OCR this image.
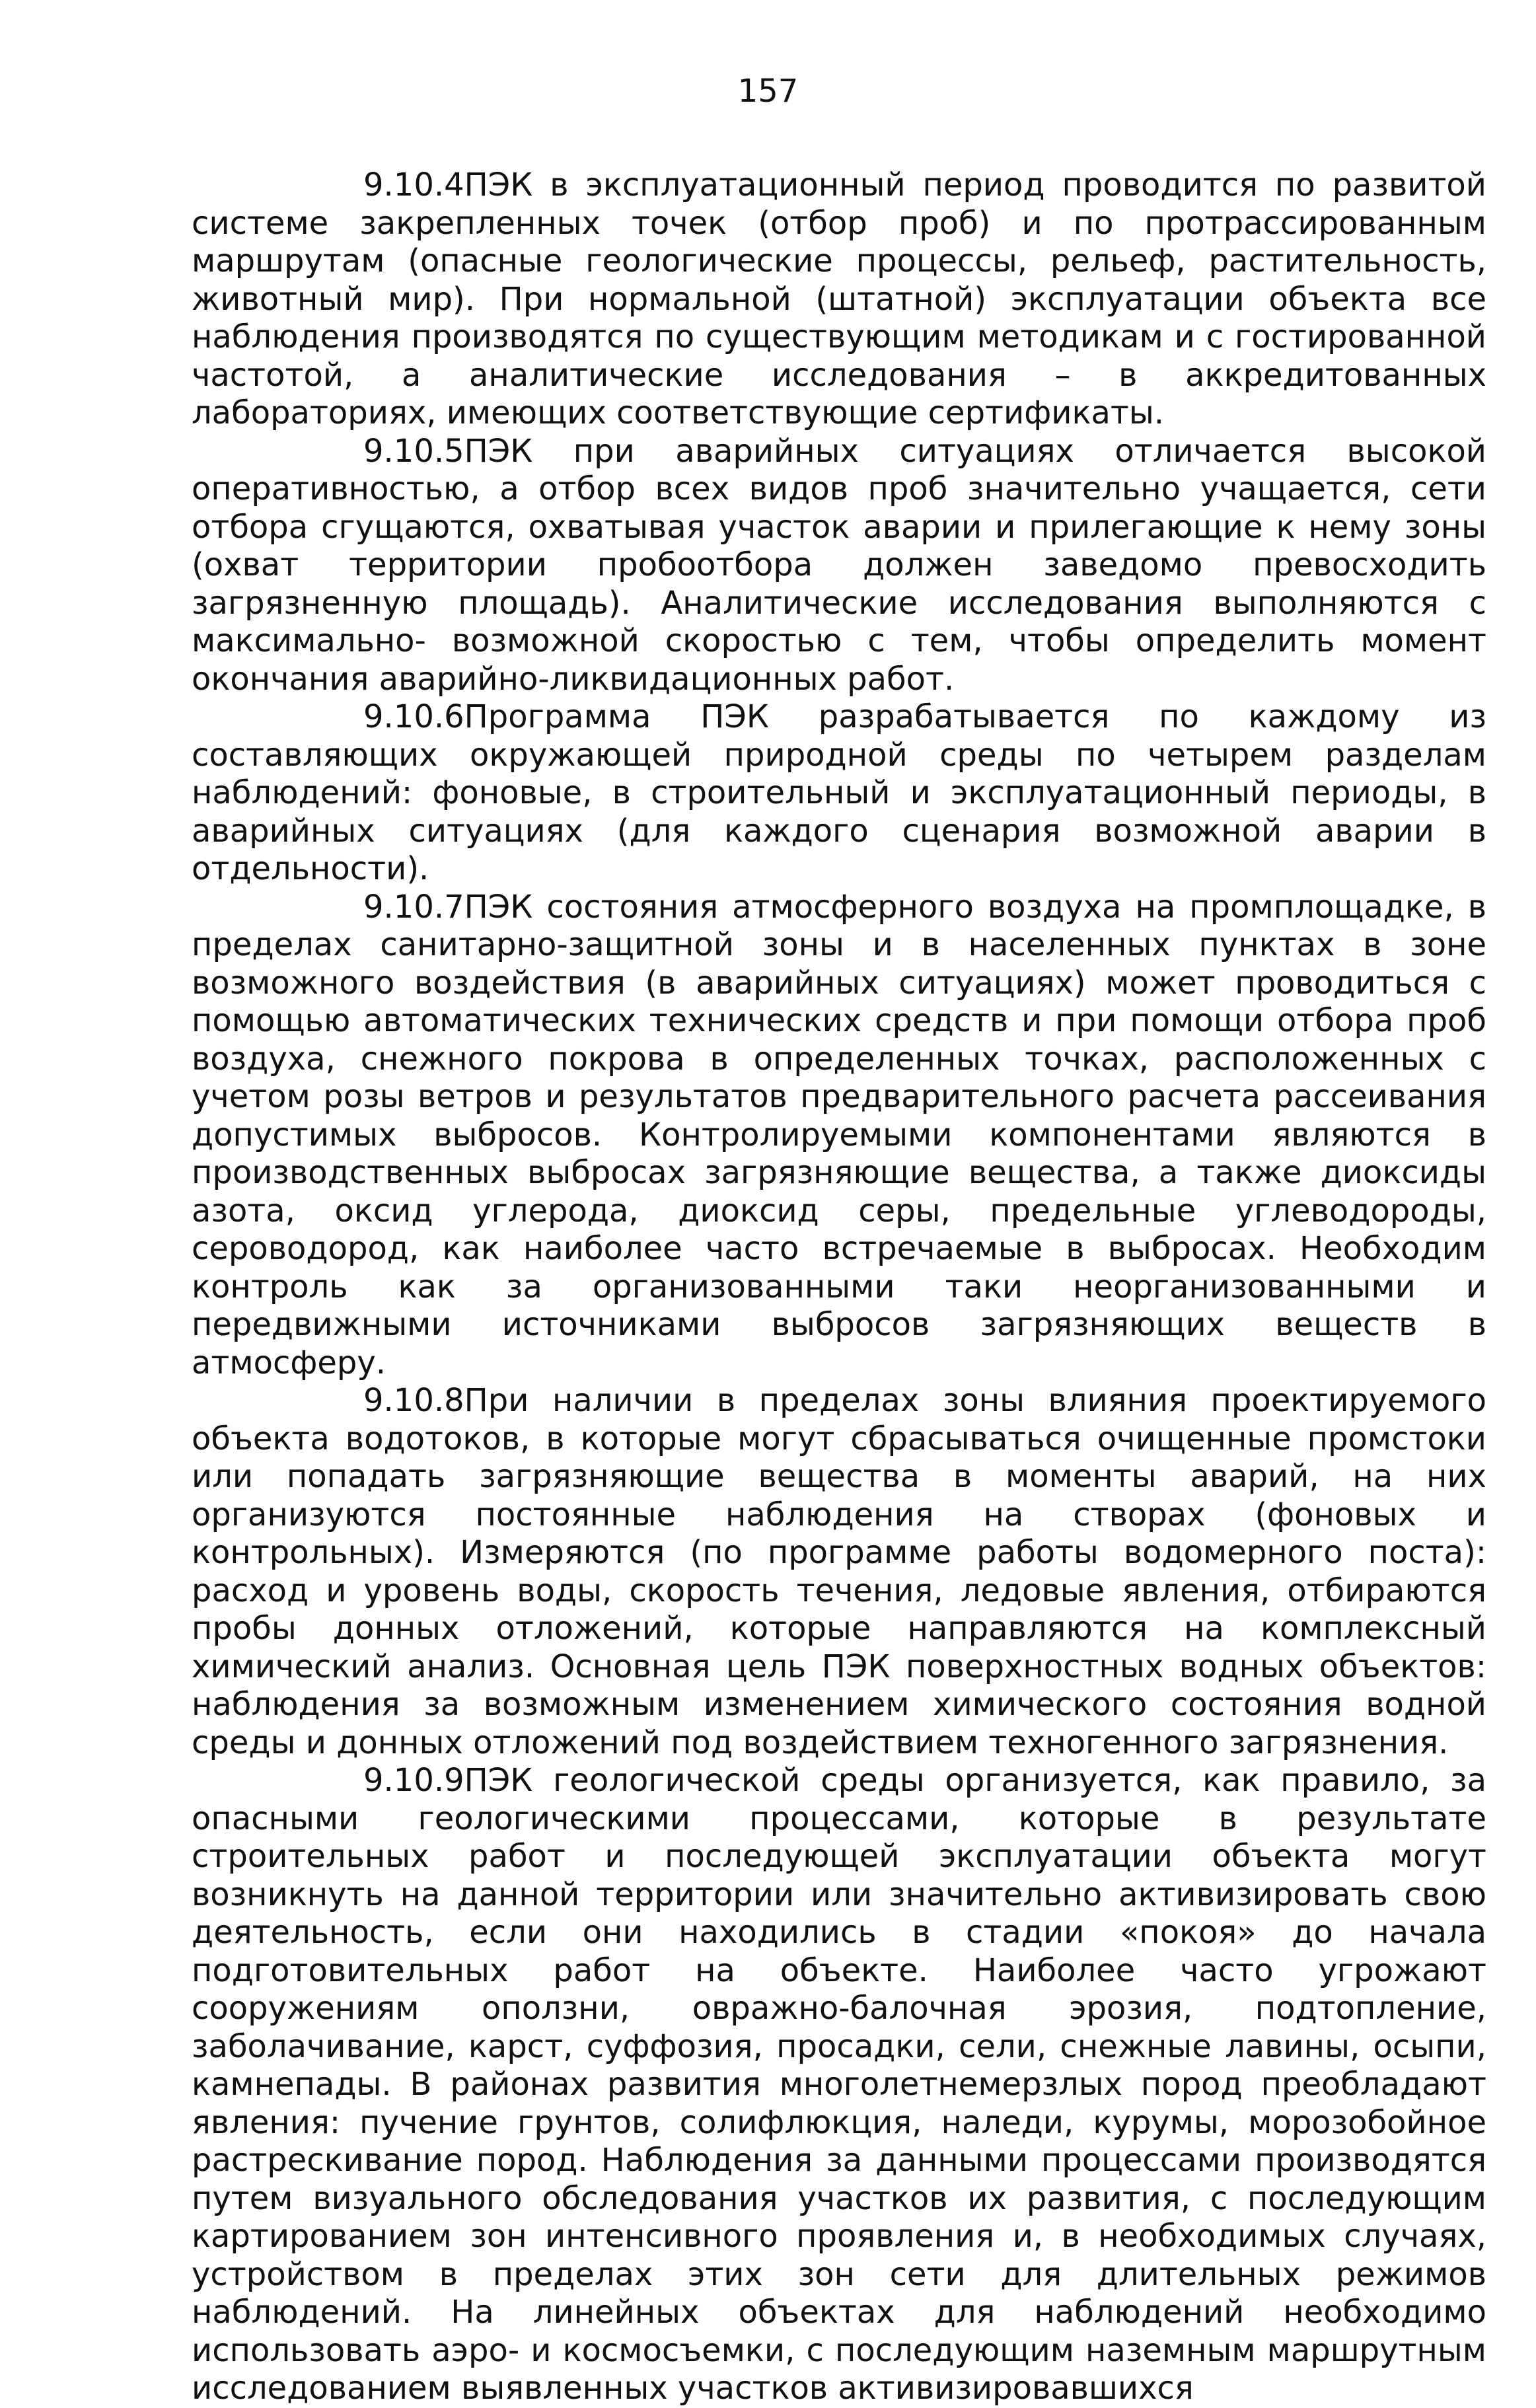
157

9.10.4ПЭК в эксплуатационный период проводится по развитой системе закрепленных точек (отбор проб) и по протрассированным маршрутам (опасные геологические процессы, рельеф, растительность, животный мир). При нормальной (штатной) эксплуатации объекта все наблюдения производятся по существующим методикам и с гостированной частотой, а аналитические исследования – в аккредитованных лабораториях, имеющих соответствующие сертификаты.

9.10.5ПЭК при аварийных ситуациях отличается высокой оперативностью, а отбор всех видов проб значительно учащается, сети отбора сгущаются, охватывая участок аварии и прилегающие к нему зоны (охват территории пробоотбора должен заведомо превосходить загрязненную площадь). Аналитические исследования выполняются с максимально- возможной скоростью с тем, чтобы определить момент окончания аварийно-ликвидационных работ.

9.10.6Программа ПЭК разрабатывается по каждому из составляющих окружающей природной среды по четырем разделам наблюдений: фоновые, в строительный и эксплуатационный периоды, в аварийных ситуациях (для каждого сценария возможной аварии в отдельности).

9.10.7ПЭК состояния атмосферного воздуха на промплощадке, в пределах санитарно-защитной зоны и в населенных пунктах в зоне возможного воздействия (в аварийных ситуациях) может проводиться с помощью автоматических технических средств и при помощи отбора проб воздуха, снежного покрова в определенных точках, расположенных с учетом розы ветров и результатов предварительного расчета рассеивания допустимых выбросов. Контролируемыми компонентами являются в производственных выбросах загрязняющие вещества, а также диоксиды азота, оксид углерода, диоксид серы, предельные углеводороды, сероводород, как наиболее часто встречаемые в выбросах. Необходим контроль как за организованными таки неорганизованными и передвижными источниками выбросов загрязняющих веществ в атмосферу.

9.10.8При наличии в пределах зоны влияния проектируемого объекта водотоков, в которые могут сбрасываться очищенные промстоки или попадать загрязняющие вещества в моменты аварий, на них организуются постоянные наблюдения на створах (фоновых и контрольных). Измеряются (по программе работы водомерного поста): расход и уровень воды, скорость течения, ледовые явления, отбираются пробы донных отложений, которые направляются на комплексный химический анализ. Основная цель ПЭК поверхностных водных объектов: наблюдения за возможным изменением химического состояния водной среды и донных отложений под воздействием техногенного загрязнения.

9.10.9ПЭК геологической среды организуется, как правило, за опасными геологическими процессами, которые в результате строительных работ и последующей эксплуатации объекта могут возникнуть на данной территории или значительно активизировать свою деятельность, если они находились в стадии «покоя» до начала подготовительных работ на объекте. Наиболее часто угрожают сооружениям оползни, овражно-балочная эрозия, подтопление, заболачивание, карст, суффозия, просадки, сели, снежные лавины, осыпи, камнепады. В районах развития многолетнемерзлых пород преобладают явления: пучение грунтов, солифлюкция, наледи, курумы, морозобойное растрескивание пород. Наблюдения за данными процессами производятся путем визуального обследования участков их развития, с последующим картированием зон интенсивного проявления и, в необходимых случаях, устройством в пределах этих зон сети для длительных режимов наблюдений. На линейных объектах для наблюдений необходимо использовать аэро- и космосъемки, с последующим наземным маршрутным исследованием выявленных участков активизировавшихся
